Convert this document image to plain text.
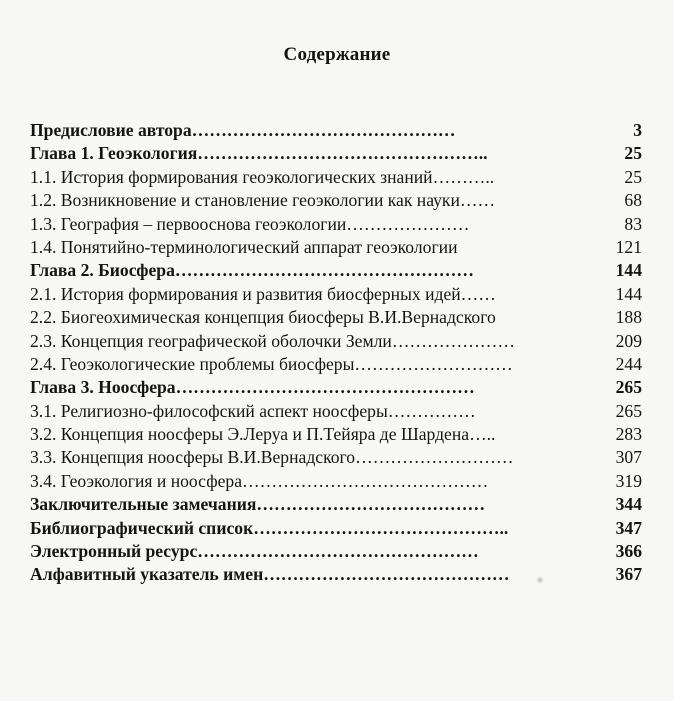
Содержание
Предисловие автора………………………………………	3
Глава 1. Геоэкология…………………………………………..	25
1.1. История формирования геоэкологических знаний………..	25
1.2. Возникновение и становление геоэкологии как науки……	68
1.3. География – первооснова геоэкологии…………………	83
1.4. Понятийно-терминологический аппарат геоэкологии	121
Глава 2. Биосфера……………………………………………	144
2.1. История формирования и развития биосферных идей……	144
2.2. Биогеохимическая концепция биосферы В.И.Вернадского	188
2.3. Концепция географической оболочки Земли…………………	209
2.4. Геоэкологические проблемы биосферы………………………	244
Глава 3. Ноосфера……………………………………………	265
3.1. Религиозно-философский аспект ноосферы……………	265
3.2. Концепция ноосферы Э.Леруа и П.Тейяра де Шардена…..	283
3.3. Концепция ноосферы В.И.Вернадского………………………	307
3.4. Геоэкология и ноосфера……………………………………	319
Заключительные замечания…………………………………	344
Библиографический список……………………………………..	347
Электронный ресурс…………………………………………	366
Алфавитный указатель имен……………………………………	367
